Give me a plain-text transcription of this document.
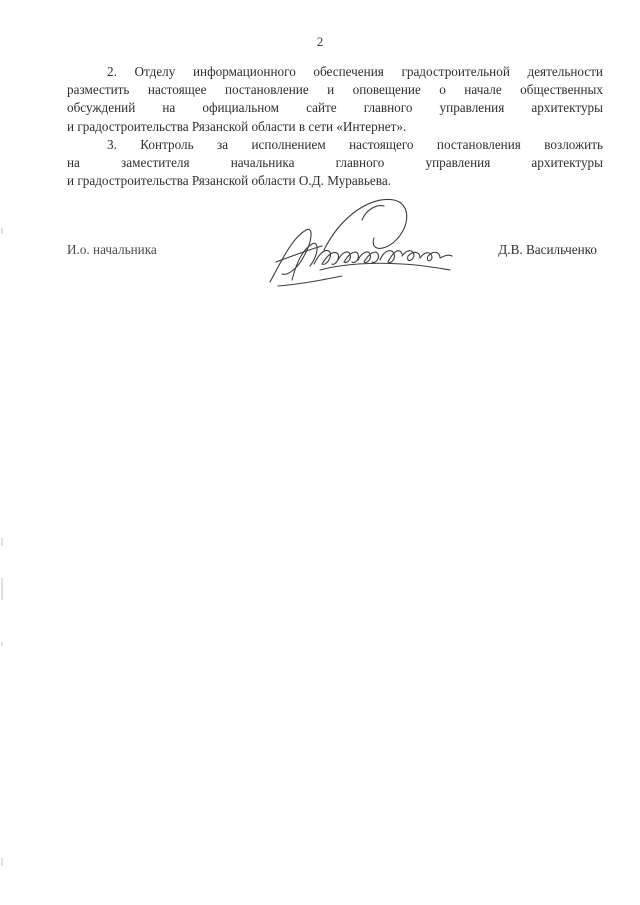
2
2. Отделу информационного обеспечения градостроительной деятельности
разместить настоящее постановление и оповещение о начале общественных
обсуждений на официальном сайте главного управления архитектуры
и градостроительства Рязанской области в сети «Интернет».
3. Контроль за исполнением настоящего постановления возложить
на заместителя начальника главного управления архитектуры
и градостроительства Рязанской области О.Д. Муравьева.
И.о. начальника	Д.В. Васильченко
